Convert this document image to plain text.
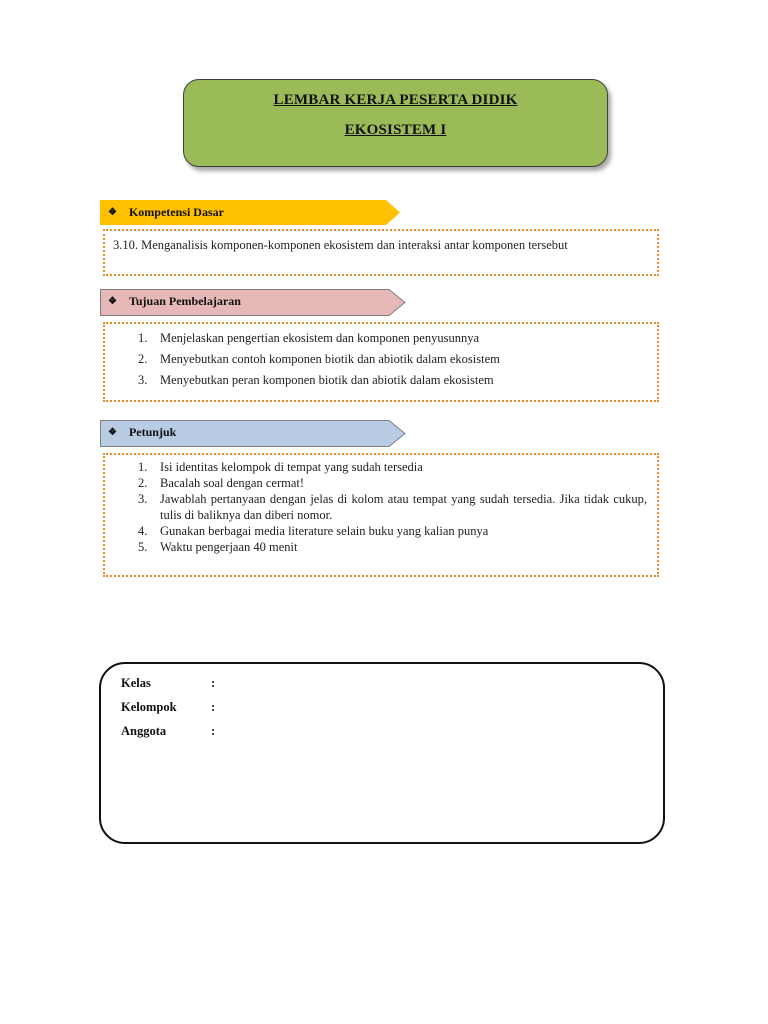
LEMBAR KERJA PESERTA DIDIK
EKOSISTEM I
❖ Kompetensi Dasar
3.10. Menganalisis komponen-komponen ekosistem dan interaksi antar komponen tersebut
❖ Tujuan Pembelajaran
1. Menjelaskan pengertian ekosistem dan komponen penyusunnya
2. Menyebutkan contoh komponen biotik dan abiotik dalam ekosistem
3. Menyebutkan peran komponen biotik dan abiotik dalam ekosistem
❖ Petunjuk
1. Isi identitas kelompok di tempat yang sudah tersedia
2. Bacalah soal dengan cermat!
3. Jawablah pertanyaan dengan jelas di kolom atau tempat yang sudah tersedia. Jika tidak cukup, tulis di baliknya dan diberi nomor.
4. Gunakan berbagai media literature selain buku yang kalian punya
5. Waktu pengerjaan 40 menit
Kelas	:
Kelompok	:
Anggota	:
